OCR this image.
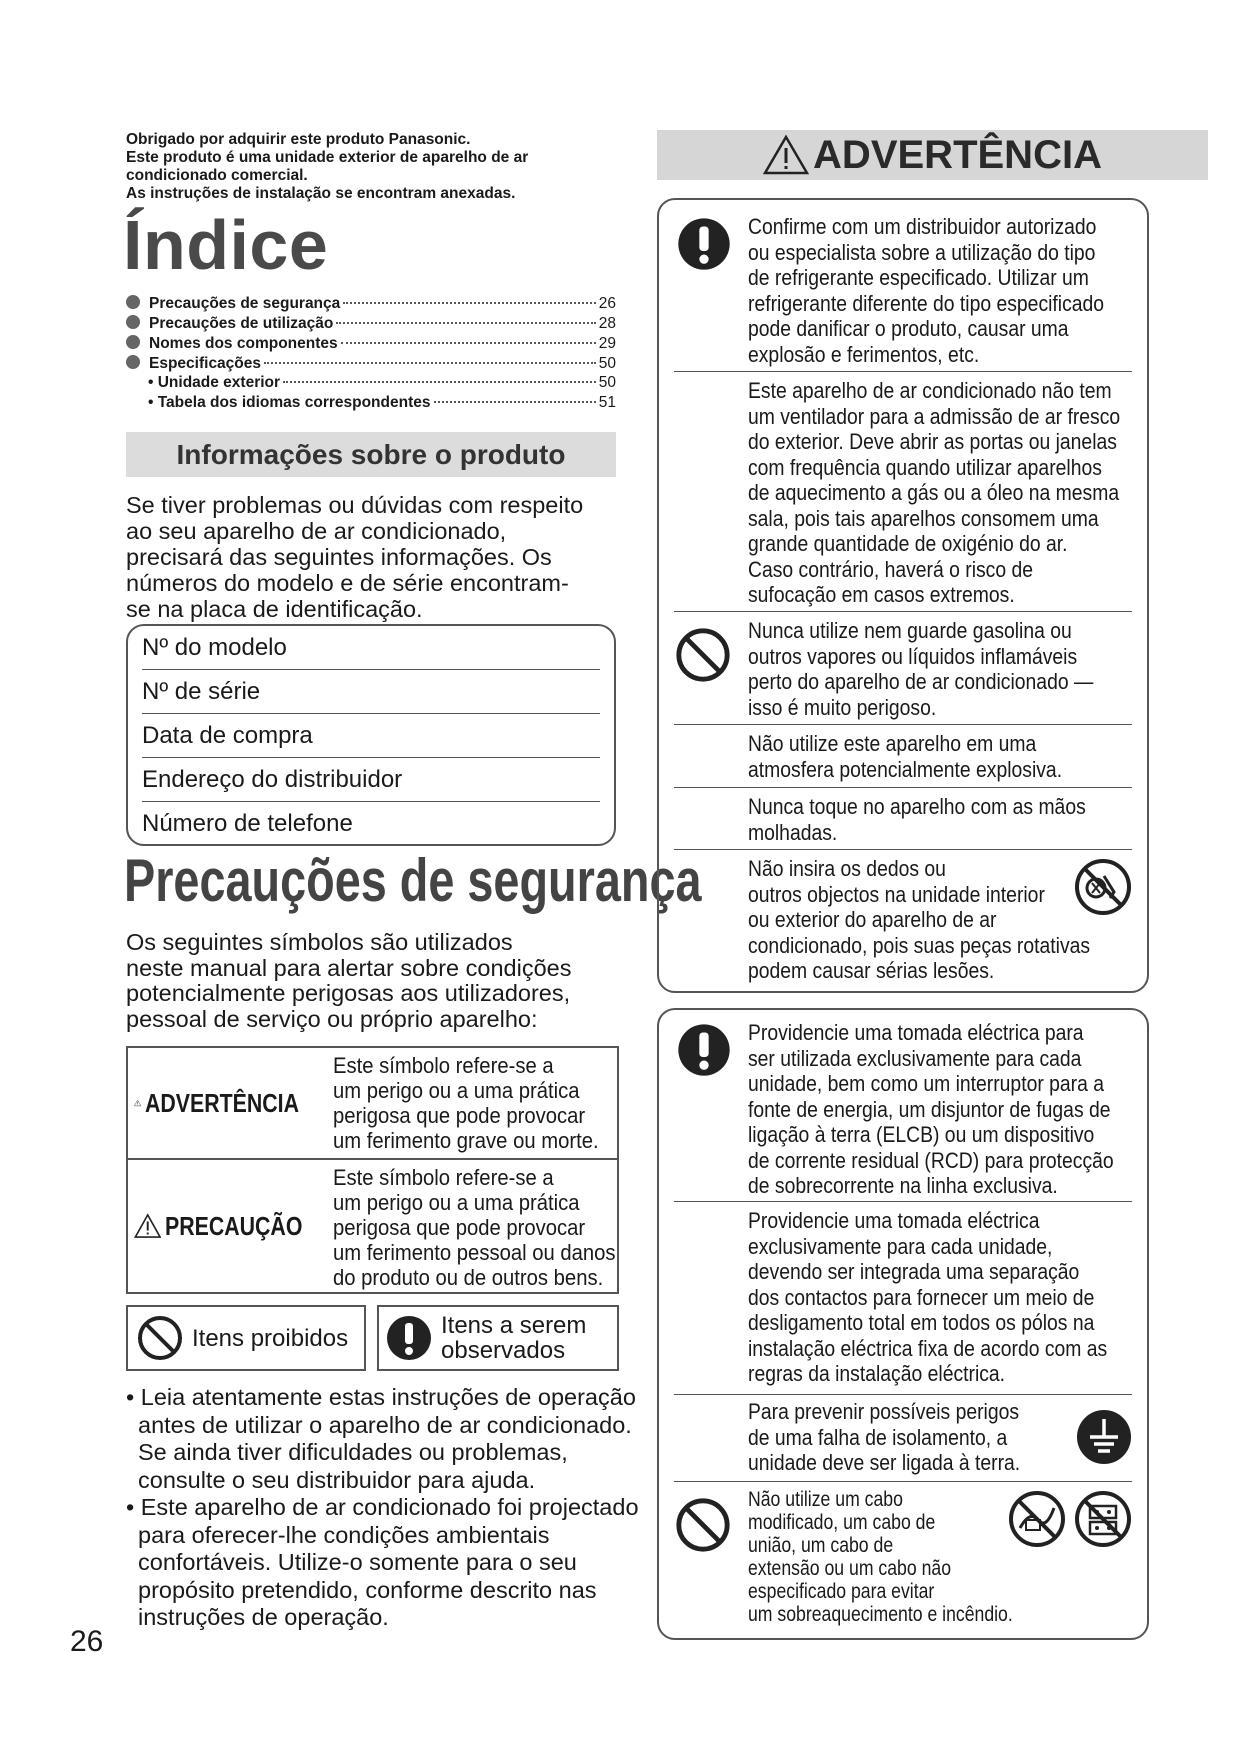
Obrigado por adquirir este produto Panasonic.
Este produto é uma unidade exterior de aparelho de ar
condicionado comercial.
As instruções de instalação se encontram anexadas.
Índice
Precauções de segurança	26
Precauções de utilização	28
Nomes dos componentes	29
Especificações	50
• Unidade exterior	50
• Tabela dos idiomas correspondentes	51
Informações sobre o produto
Se tiver problemas ou dúvidas com respeito
ao seu aparelho de ar condicionado,
precisará das seguintes informações. Os
números do modelo e de série encontram-
se na placa de identificação.
Nº do modelo
Nº de série
Data de compra
Endereço do distribuidor
Número de telefone
Precauções de segurança
Os seguintes símbolos são utilizados
neste manual para alertar sobre condições
potencialmente perigosas aos utilizadores,
pessoal de serviço ou próprio aparelho:
ADVERTÊNCIA
Este símbolo refere-se a
um perigo ou a uma prática
perigosa que pode provocar
um ferimento grave ou morte.
PRECAUÇÃO
Este símbolo refere-se a
um perigo ou a uma prática
perigosa que pode provocar
um ferimento pessoal ou danos
do produto ou de outros bens.
Itens proibidos	Itens a serem
observados
• Leia atentamente estas instruções de operação
antes de utilizar o aparelho de ar condicionado.
Se ainda tiver dificuldades ou problemas,
consulte o seu distribuidor para ajuda.
• Este aparelho de ar condicionado foi projectado
para oferecer-lhe condições ambientais
confortáveis. Utilize-o somente para o seu
propósito pretendido, conforme descrito nas
instruções de operação.
26
ADVERTÊNCIA
Confirme com um distribuidor autorizado
ou especialista sobre a utilização do tipo
de refrigerante especificado. Utilizar um
refrigerante diferente do tipo especificado
pode danificar o produto, causar uma
explosão e ferimentos, etc.
Este aparelho de ar condicionado não tem
um ventilador para a admissão de ar fresco
do exterior. Deve abrir as portas ou janelas
com frequência quando utilizar aparelhos
de aquecimento a gás ou a óleo na mesma
sala, pois tais aparelhos consomem uma
grande quantidade de oxigénio do ar.
Caso contrário, haverá o risco de
sufocação em casos extremos.
Nunca utilize nem guarde gasolina ou
outros vapores ou líquidos inflamáveis
perto do aparelho de ar condicionado —
isso é muito perigoso.
Não utilize este aparelho em uma
atmosfera potencialmente explosiva.
Nunca toque no aparelho com as mãos
molhadas.
Não insira os dedos ou
outros objectos na unidade interior
ou exterior do aparelho de ar
condicionado, pois suas peças rotativas
podem causar sérias lesões.
Providencie uma tomada eléctrica para
ser utilizada exclusivamente para cada
unidade, bem como um interruptor para a
fonte de energia, um disjuntor de fugas de
ligação à terra (ELCB) ou um dispositivo
de corrente residual (RCD) para protecção
de sobrecorrente na linha exclusiva.
Providencie uma tomada eléctrica
exclusivamente para cada unidade,
devendo ser integrada uma separação
dos contactos para fornecer um meio de
desligamento total em todos os pólos na
instalação eléctrica fixa de acordo com as
regras da instalação eléctrica.
Para prevenir possíveis perigos
de uma falha de isolamento, a
unidade deve ser ligada à terra.
Não utilize um cabo
modificado, um cabo de
união, um cabo de
extensão ou um cabo não
especificado para evitar
um sobreaquecimento e incêndio.
